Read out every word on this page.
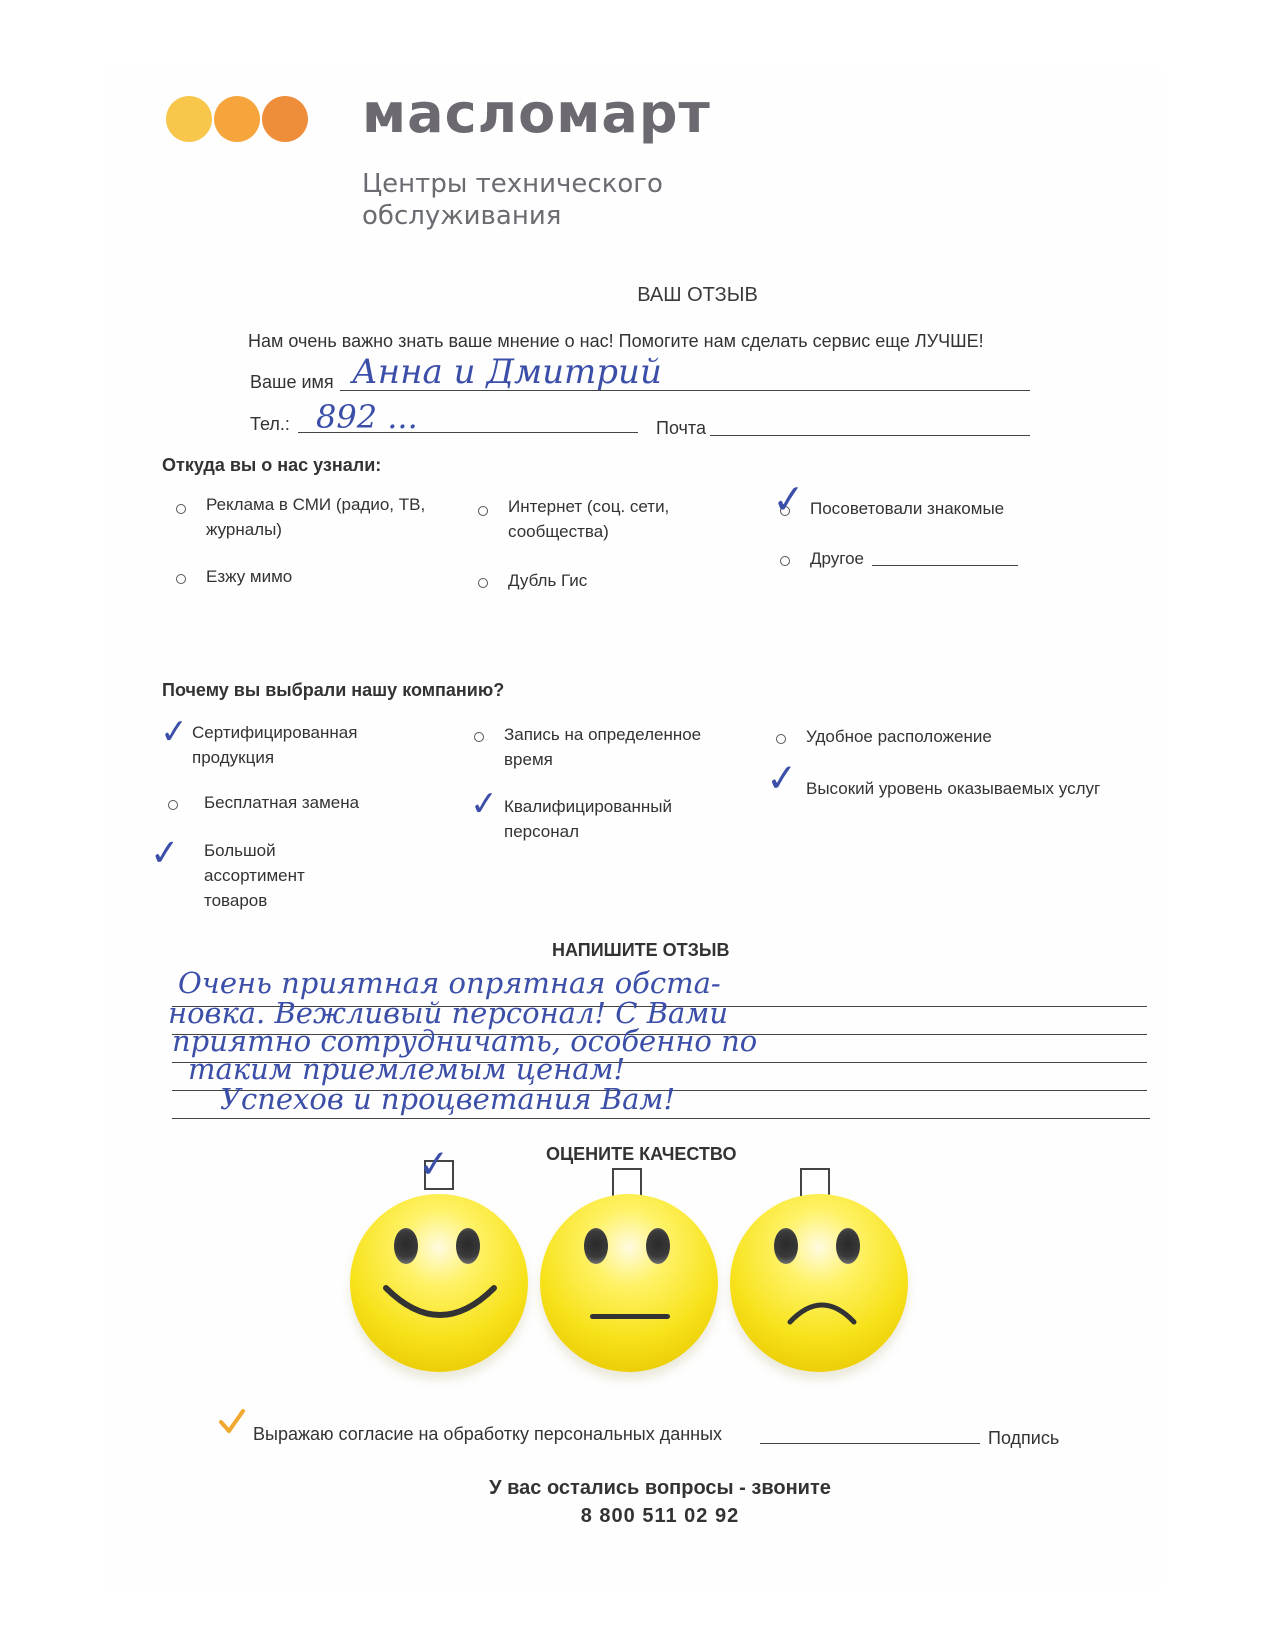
масломарт
Центры технического
обслуживания
ВАШ ОТЗЫВ
Нам очень важно знать ваше мнение о нас! Помогите нам сделать сервис еще ЛУЧШЕ!
Ваше имя Анна и Дмитрий
Тел.: 892 ...	Почта
Откуда вы о нас узнали:
Реклама в СМИ (радио, ТВ,
журналы)
Интернет (соц. сети,
сообщества)
✓ Посоветовали знакомые
Езжу мимо	Дубль Гис
Другое
Почему вы выбрали нашу компанию?
✓ Сертифицированная
продукция
Запись на определенное
время
Удобное расположение
Бесплатная замена	✓ Квалифицированный
персонал
✓ Высокий уровень оказываемых услуг
✓ Большой
ассортимент
товаров
НАПИШИТЕ ОТЗЫВ
Очень приятная опрятная обста-
новка. Вежливый персонал! С Вами
приятно сотрудничать, особенно по
таким приемлемым ценам!
Успехов и процветания Вам!
ОЦЕНИТЕ КАЧЕСТВО
✓
Выражаю согласие на обработку персональных данных	Подпись
У вас остались вопросы - звоните
8 800 511 02 92
